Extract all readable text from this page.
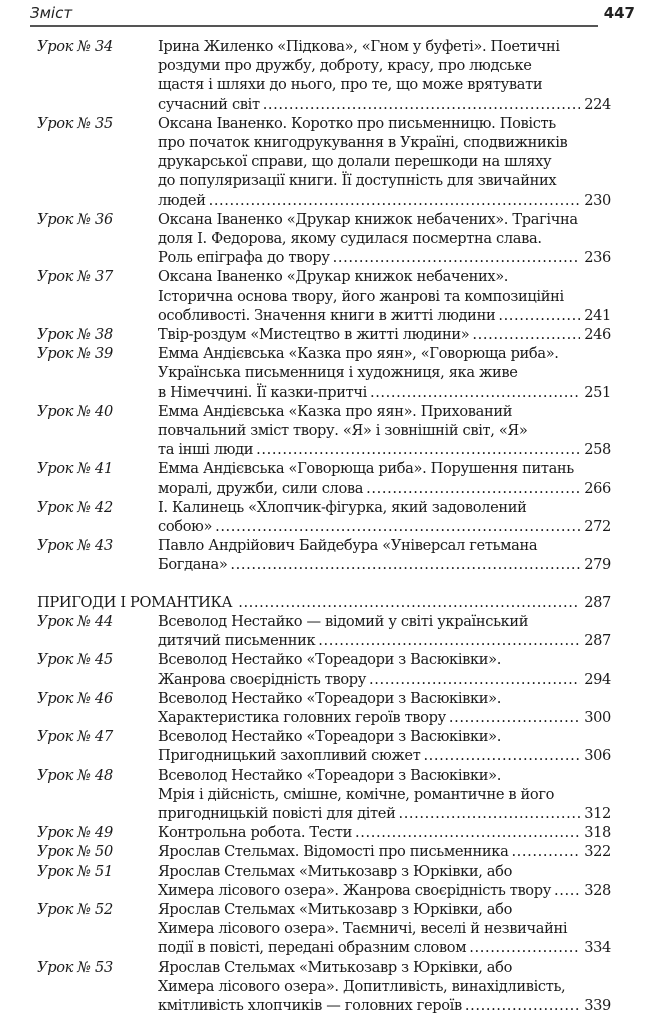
Зміст	447
Урок № 34	Ірина Жиленко «Підкова», «Гном у буфеті». Поетичні
роздуми про дружбу, доброту, красу, про людське
щастя і шляхи до нього, про те, що може врятувати
сучасний світ .....	224
Урок № 35	Оксана Іваненко. Коротко про письменницю. Повість
про початок книгодрукування в Україні, сподвижників
друкарської справи, що долали перешкоди на шляху
до популяризації книги. Її доступність для звичайних
людей .....	230
Урок № 36	Оксана Іваненко «Друкар книжок небачених». Трагічна
доля І. Федорова, якому судилася посмертна слава.
Роль епіграфа до твору .....	236
Урок № 37	Оксана Іваненко «Друкар книжок небачених».
Історична основа твору, його жанрові та композиційні
особливості. Значення книги в житті людини .....	241
Урок № 38	Твір-роздум «Мистецтво в житті людини» .....	246
Урок № 39	Емма Андієвська «Казка про яян», «Говорюща риба».
Українська письменниця і художниця, яка живе
в Німеччині. Її казки-притчі .....	251
Урок № 40	Емма Андієвська «Казка про яян». Прихований
повчальний зміст твору. «Я» і зовнішній світ, «Я»
та інші люди .....	258
Урок № 41	Емма Андієвська «Говорюща риба». Порушення питань
моралі, дружби, сили слова .....	266
Урок № 42	І. Калинець «Хлопчик-фігурка, який задоволений
собою» .....	272
Урок № 43	Павло Андрійович Байдебура «Універсал гетьмана
Богдана» .....	279
ПРИГОДИ І РОМАНТИКА .....	287
Урок № 44	Всеволод Нестайко — відомий у світі український
дитячий письменник .....	287
Урок № 45	Всеволод Нестайко «Тореадори з Васюківки».
Жанрова своєрідність твору .....	294
Урок № 46	Всеволод Нестайко «Тореадори з Васюківки».
Характеристика головних героїв твору .....	300
Урок № 47	Всеволод Нестайко «Тореадори з Васюківки».
Пригодницький захопливий сюжет .....	306
Урок № 48	Всеволод Нестайко «Тореадори з Васюківки».
Мрія і дійсність, смішне, комічне, романтичне в його
пригодницькій повісті для дітей .....	312
Урок № 49	Контрольна робота. Тести .....	318
Урок № 50	Ярослав Стельмах. Відомості про письменника .....	322
Урок № 51	Ярослав Стельмах «Митькозавр з Юрківки, або
Химера лісового озера». Жанрова своєрідність твору ..... 328
Урок № 52	Ярослав Стельмах «Митькозавр з Юрківки, або
Химера лісового озера». Таємничі, веселі й незвичайні
події в повісті, передані образним словом .....	334
Урок № 53	Ярослав Стельмах «Митькозавр з Юрківки, або
Химера лісового озера». Допитливість, винахідливість,
кмітливість хлопчиків — головних героїв .....	339
